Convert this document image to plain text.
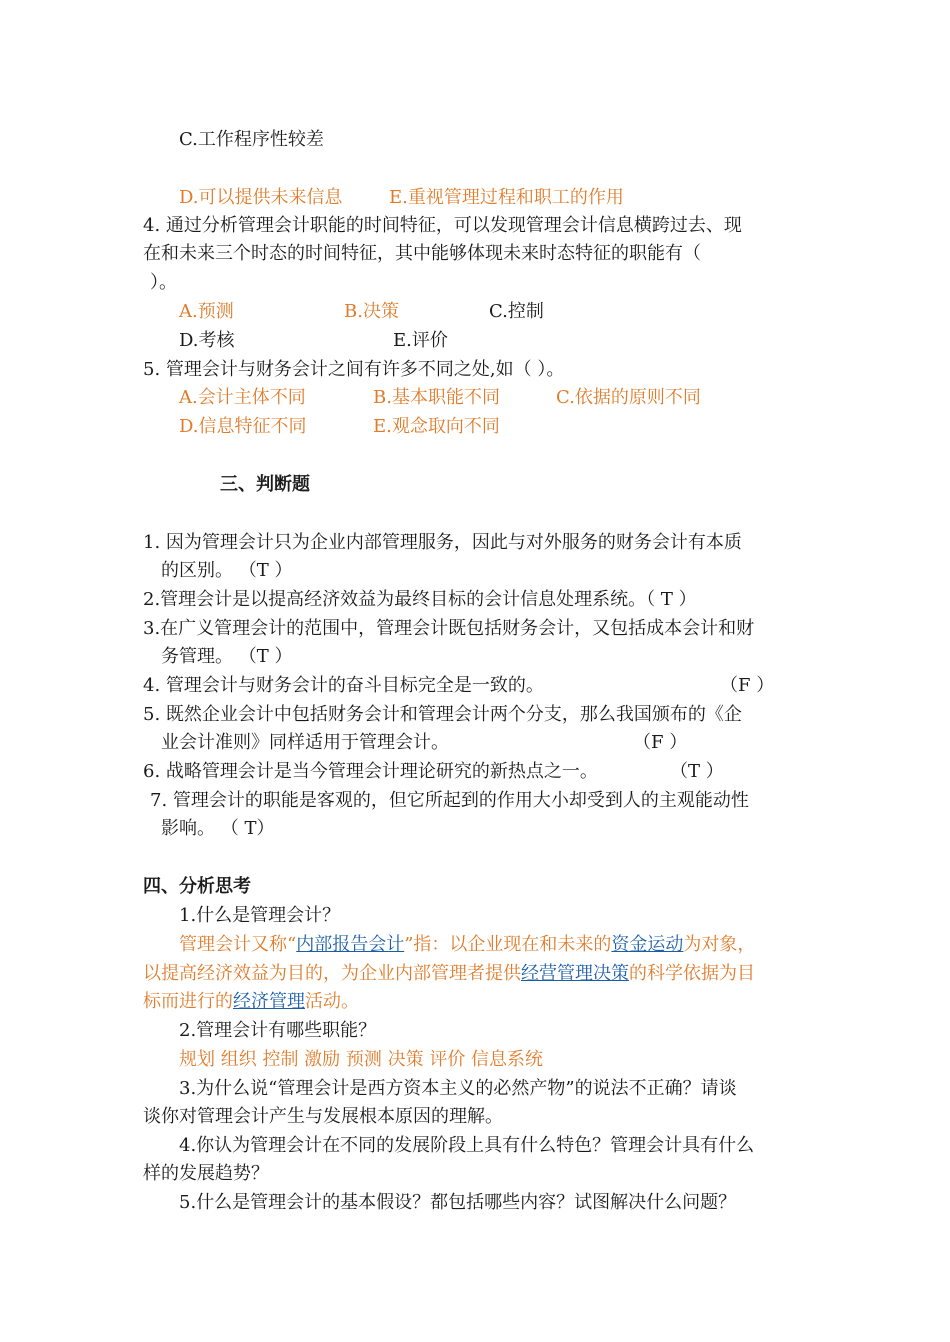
C.工作程序性较差
D.可以提供未来信息	E.重视管理过程和职工的作用
4. 通过分析管理会计职能的时间特征，可以发现管理会计信息横跨过去、现
在和未来三个时态的时间特征，其中能够体现未来时态特征的职能有（
）。
A.预测	B.决策	C.控制
D.考核	E.评价
5. 管理会计与财务会计之间有许多不同之处,如（ ）。
A.会计主体不同	B.基本职能不同	C.依据的原则不同
D.信息特征不同	E.观念取向不同
三、判断题
1. 因为管理会计只为企业内部管理服务，因此与对外服务的财务会计有本质
的区别。 （T ）
2.管理会计是以提高经济效益为最终目标的会计信息处理系统。（ T ）
3.在广义管理会计的范围中，管理会计既包括财务会计，又包括成本会计和财
务管理。 （T ）
4. 管理会计与财务会计的奋斗目标完全是一致的。	（F ）
5. 既然企业会计中包括财务会计和管理会计两个分支，那么我国颁布的《企
业会计准则》同样适用于管理会计。	（F ）
6. 战略管理会计是当今管理会计理论研究的新热点之一。	（T ）
7. 管理会计的职能是客观的，但它所起到的作用大小却受到人的主观能动性
影响。 （ T）
四、分析思考
1.什么是管理会计？
管理会计又称“内部报告会计”指：以企业现在和未来的资金运动为对象，
以提高经济效益为目的，为企业内部管理者提供经营管理决策的科学依据为目
标而进行的经济管理活动。
2.管理会计有哪些职能？
规划 组织 控制 激励 预测 决策 评价 信息系统
3.为什么说“管理会计是西方资本主义的必然产物”的说法不正确？请谈
谈你对管理会计产生与发展根本原因的理解。
4.你认为管理会计在不同的发展阶段上具有什么特色？管理会计具有什么
样的发展趋势？
5.什么是管理会计的基本假设？都包括哪些内容？试图解决什么问题？
